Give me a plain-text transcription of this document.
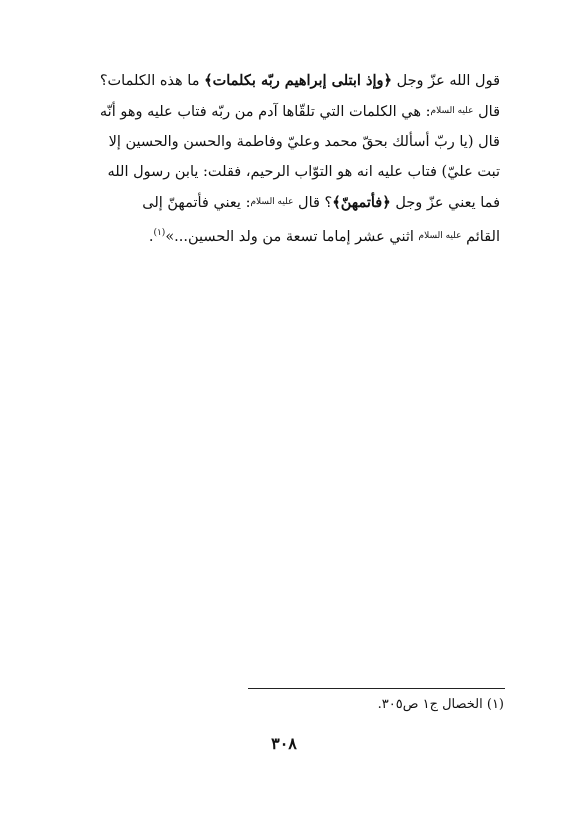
قول الله عزّ وجل ﴿وإذ ابتلى إبراهيم ربّه بكلمات﴾ ما هذه الكلمات؟
قال $^{عليه السلام}$: هي الكلمات التي تلقّاها آدم من ربّه فتاب عليه وهو أنّه
قال (يا ربّ أسألك بحقّ محمد وعليّ وفاطمة والحسن والحسين إلا
تبت عليّ) فتاب عليه انه هو التوّاب الرحيم، فقلت: يابن رسول الله
فما يعني عزّ وجل ﴿فأتمهنّ﴾؟ قال $^{عليه السلام}$: يعني فأتمهنّ إلى
القائم $^{عليه السلام}$ اثني عشر إماما تسعة من ولد الحسين...»$^{(١)}$.

(١) الخصال ج١ ص٣٠٥.
٣٠٨
